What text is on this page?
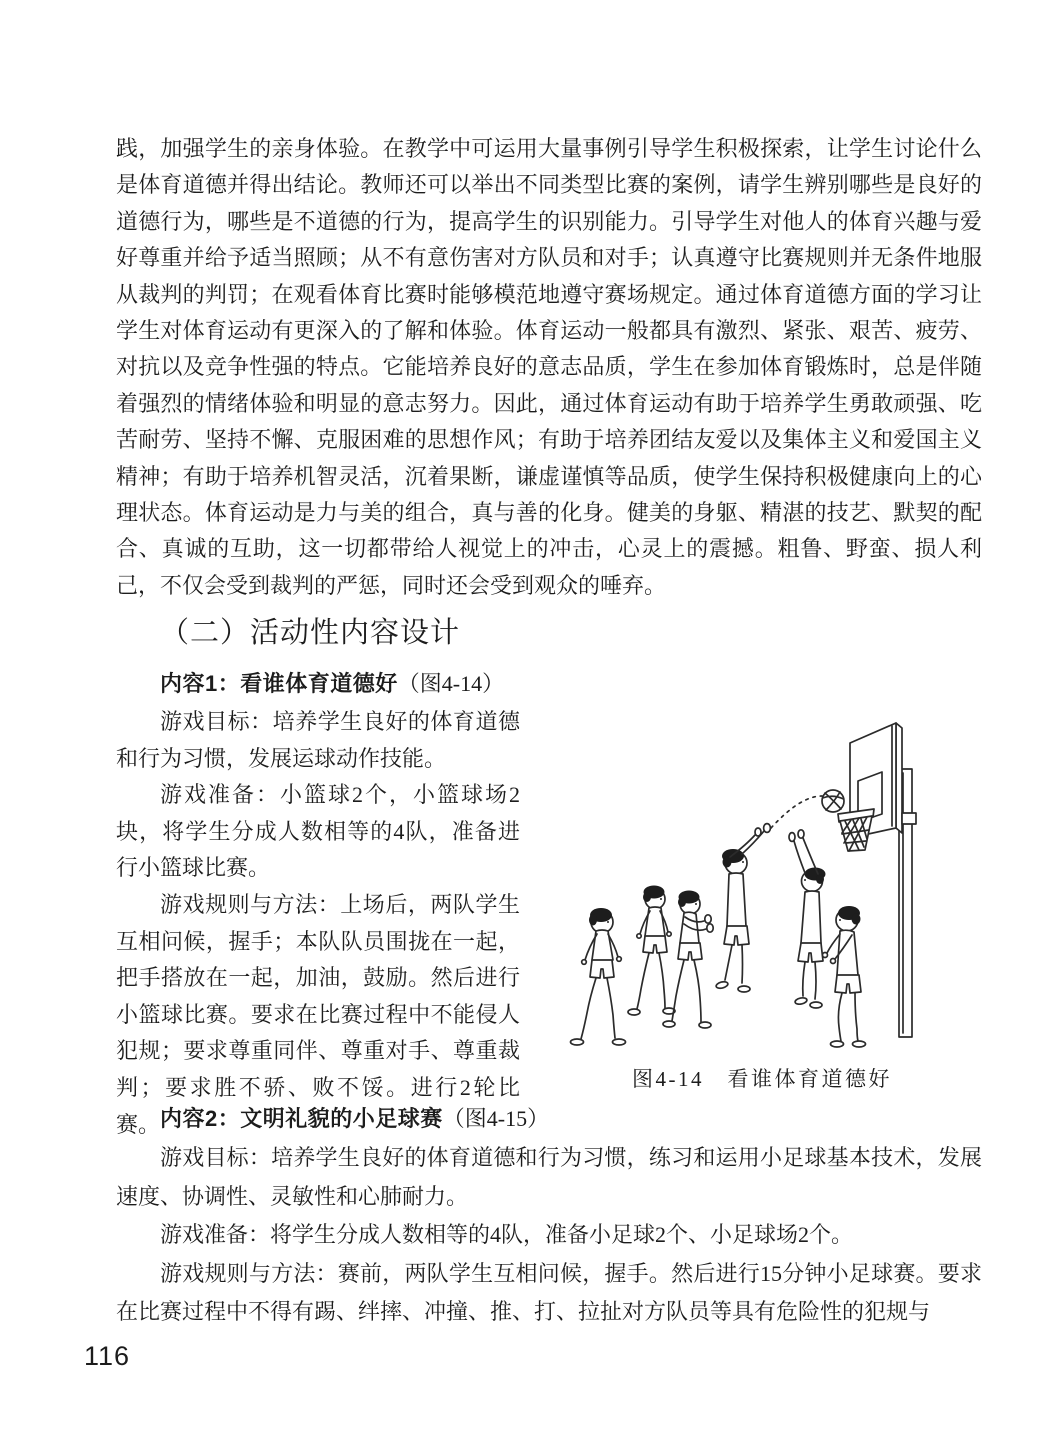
践，加强学生的亲身体验。在教学中可运用大量事例引导学生积极探索，让学生讨论什么是体育道德并得出结论。教师还可以举出不同类型比赛的案例，请学生辨别哪些是良好的道德行为，哪些是不道德的行为，提高学生的识别能力。引导学生对他人的体育兴趣与爱好尊重并给予适当照顾；从不有意伤害对方队员和对手；认真遵守比赛规则并无条件地服从裁判的判罚；在观看体育比赛时能够模范地遵守赛场规定。通过体育道德方面的学习让学生对体育运动有更深入的了解和体验。体育运动一般都具有激烈、紧张、艰苦、疲劳、对抗以及竞争性强的特点。它能培养良好的意志品质，学生在参加体育锻炼时，总是伴随着强烈的情绪体验和明显的意志努力。因此，通过体育运动有助于培养学生勇敢顽强、吃苦耐劳、坚持不懈、克服困难的思想作风；有助于培养团结友爱以及集体主义和爱国主义精神；有助于培养机智灵活，沉着果断，谦虚谨慎等品质，使学生保持积极健康向上的心理状态。体育运动是力与美的组合，真与善的化身。健美的身躯、精湛的技艺、默契的配合、真诚的互助，这一切都带给人视觉上的冲击，心灵上的震撼。粗鲁、野蛮、损人利己，不仅会受到裁判的严惩，同时还会受到观众的唾弃。

（二）活动性内容设计

内容1：看谁体育道德好（图4-14）

游戏目标：培养学生良好的体育道德和行为习惯，发展运球动作技能。

游戏准备：小篮球2个，小篮球场2块，将学生分成人数相等的4队，准备进行小篮球比赛。

游戏规则与方法：上场后，两队学生互相问候，握手；本队队员围拢在一起，把手搭放在一起，加油，鼓励。然后进行小篮球比赛。要求在比赛过程中不能侵人犯规；要求尊重同伴、尊重对手、尊重裁判；要求胜不骄、败不馁。进行2轮比赛。

图4-14　看谁体育道德好

内容2：文明礼貌的小足球赛（图4-15）

游戏目标：培养学生良好的体育道德和行为习惯，练习和运用小足球基本技术，发展速度、协调性、灵敏性和心肺耐力。

游戏准备：将学生分成人数相等的4队，准备小足球2个、小足球场2个。

游戏规则与方法：赛前，两队学生互相问候，握手。然后进行15分钟小足球赛。要求在比赛过程中不得有踢、绊摔、冲撞、推、打、拉扯对方队员等具有危险性的犯规与

116
